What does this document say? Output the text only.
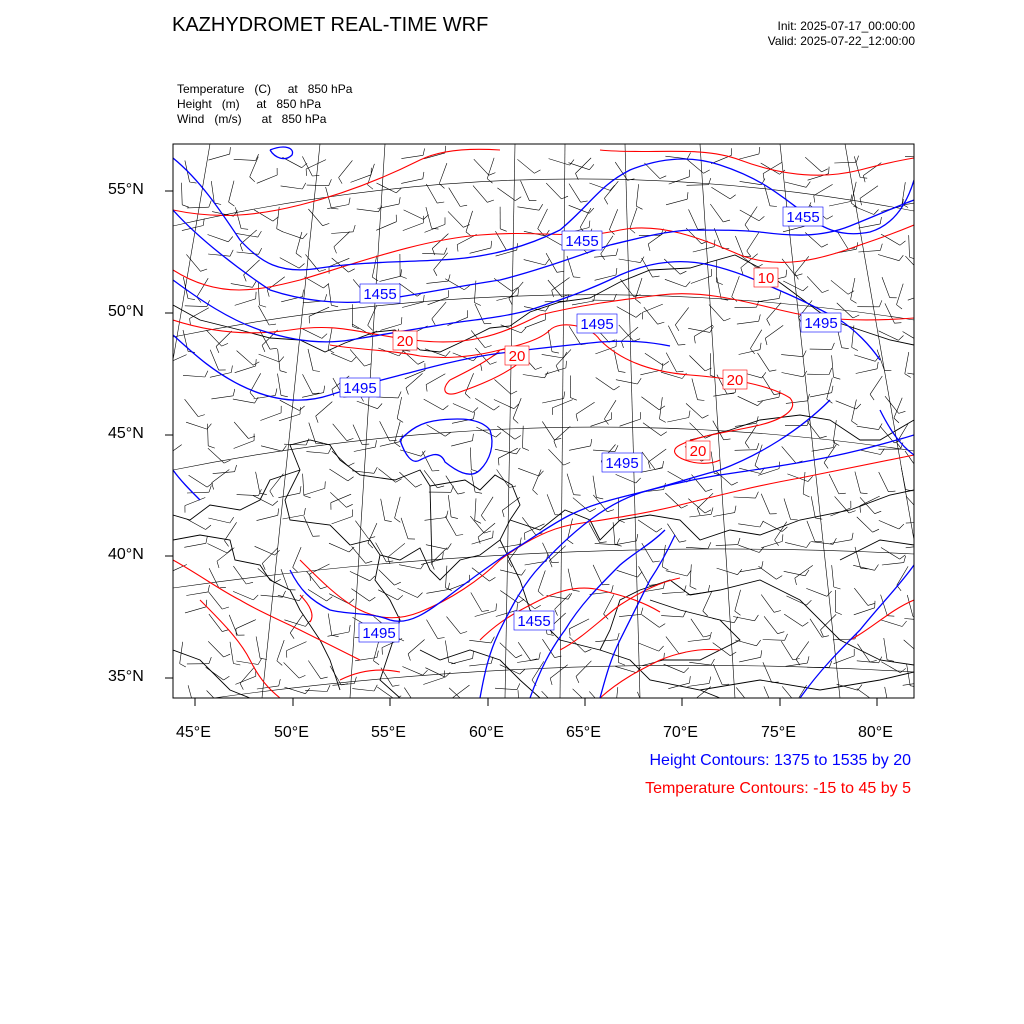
KAZHYDROMET REAL-TIME WRF	Init: 2025-07-17_00:00:00
Valid: 2025-07-22_12:00:00
Temperature   (C)     at   850 hPa
Height   (m)     at   850 hPa
Wind   (m/s)      at   850 hPa
1455
1455
1455
1455
1495
1495	1495
1495
1495
20
20
20
20
10
55°N
50°N
45°N
40°N
35°N
45°E	50°E	55°E	60°E	65°E	70°E	75°E	80°E
Height Contours: 1375 to 1535 by 20
Temperature Contours: -15 to 45 by 5
